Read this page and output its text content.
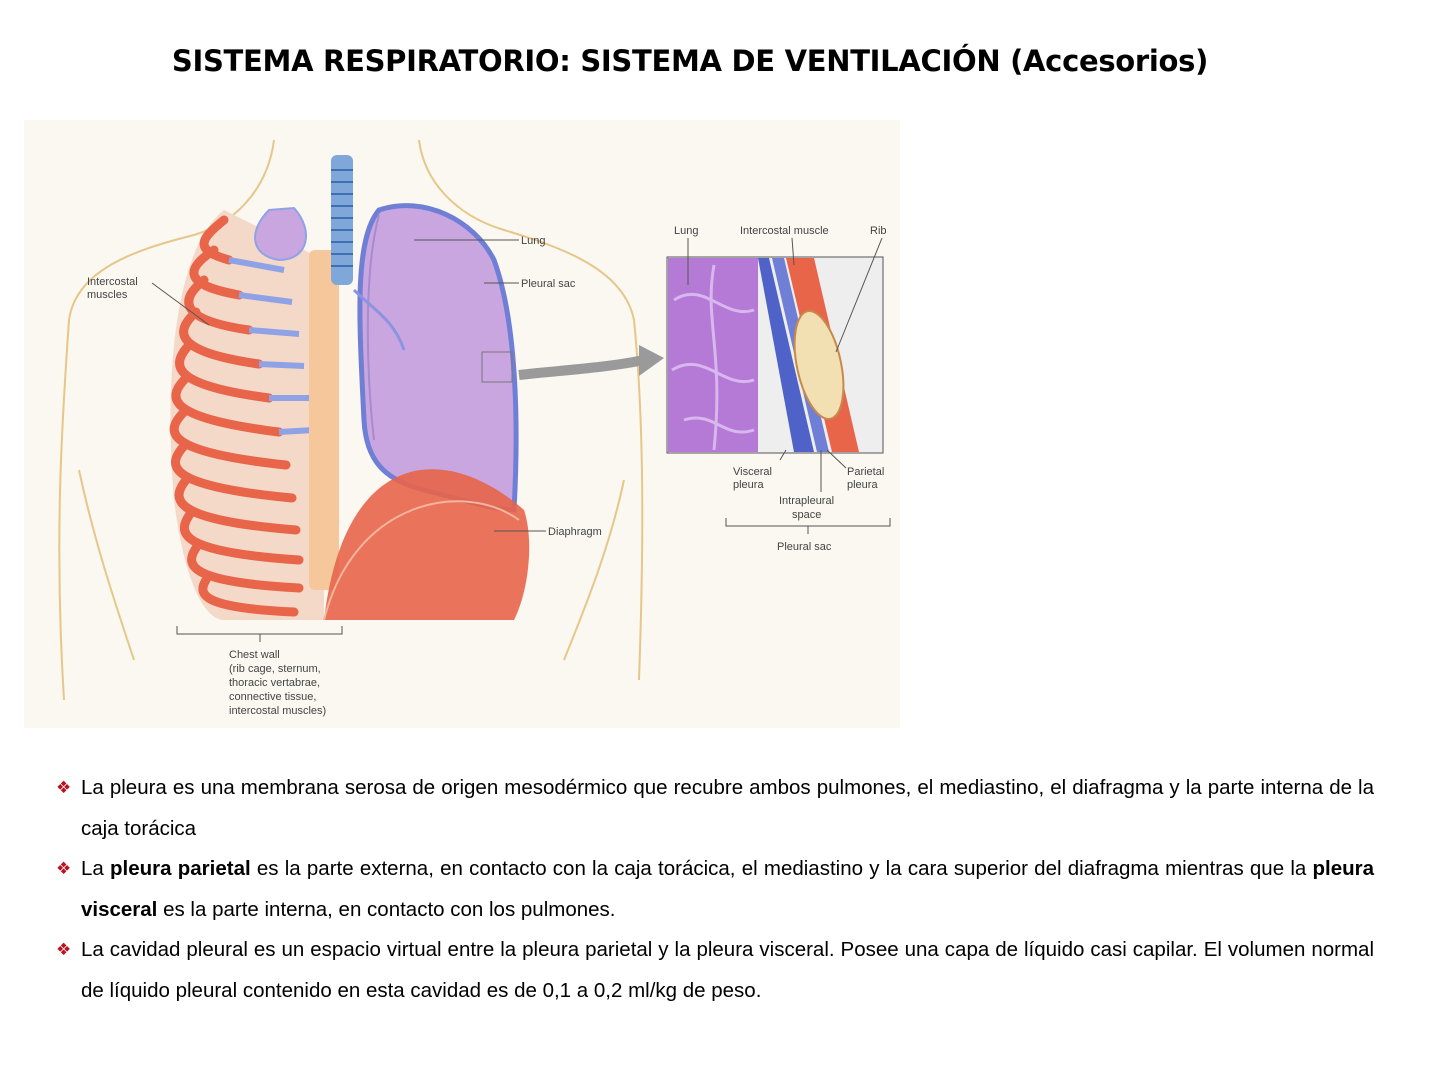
SISTEMA RESPIRATORIO: SISTEMA DE VENTILACIÓN (Accesorios)
Intercostal
muscles
Lung
Pleural sac
Diaphragm
Chest wall
(rib cage, sternum,
thoracic vertabrae,
connective tissue,
intercostal muscles)
Lung	Intercostal muscle	Rib
Visceral
pleura
Parietal
pleura
Intrapleural
space
Pleural sac
❖ La pleura es una membrana serosa de origen mesodérmico que recubre ambos pulmones, el mediastino, el diafragma y la parte interna de la caja torácica
❖ La pleura parietal es la parte externa, en contacto con la caja torácica, el mediastino y la cara superior del diafragma mientras que la pleura visceral es la parte interna, en contacto con los pulmones.
❖ La cavidad pleural es un espacio virtual entre la pleura parietal y la pleura visceral. Posee una capa de líquido casi capilar. El volumen normal de líquido pleural contenido en esta cavidad es de 0,1 a 0,2 ml/kg de peso.
